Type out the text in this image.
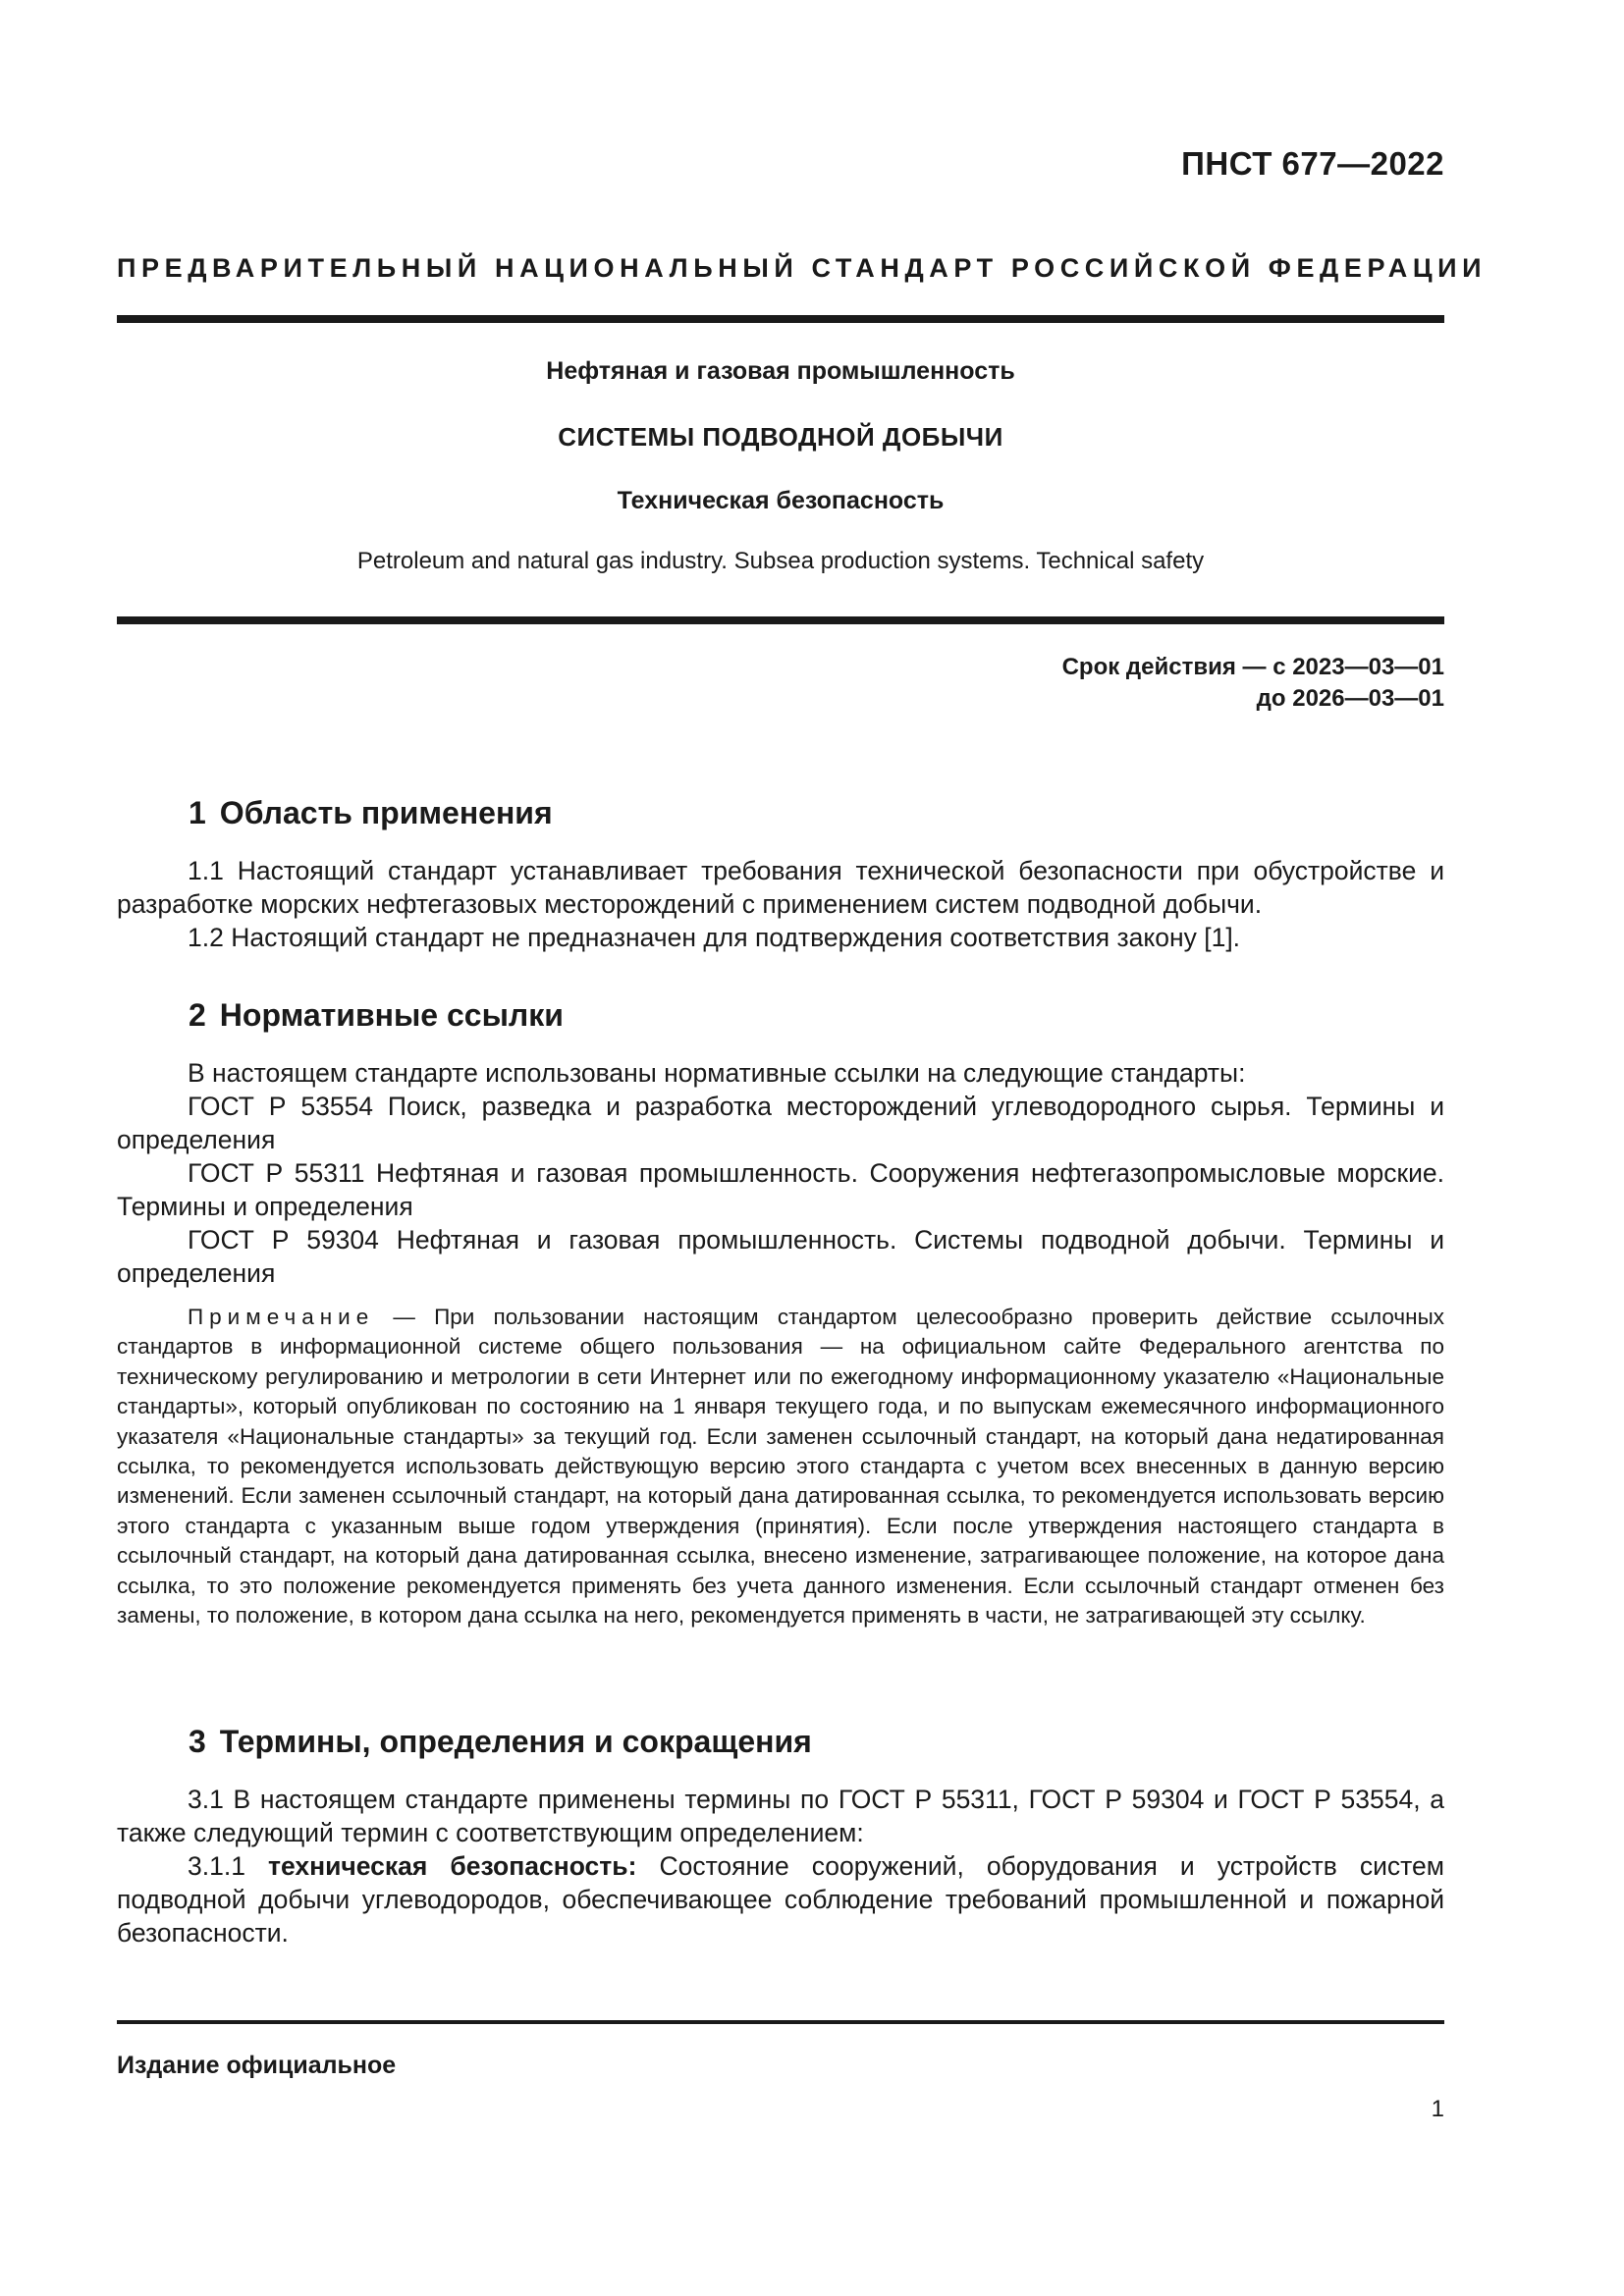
ПНСТ 677—2022
ПРЕДВАРИТЕЛЬНЫЙ НАЦИОНАЛЬНЫЙ СТАНДАРТ РОССИЙСКОЙ ФЕДЕРАЦИИ
Нефтяная и газовая промышленность
СИСТЕМЫ ПОДВОДНОЙ ДОБЫЧИ
Техническая безопасность
Petroleum and natural gas industry. Subsea production systems. Technical safety
Срок действия — с 2023—03—01
до 2026—03—01
1 Область применения

1.1 Настоящий стандарт устанавливает требования технической безопасности при обустройстве и разработке морских нефтегазовых месторождений с применением систем подводной добычи.

1.2 Настоящий стандарт не предназначен для подтверждения соответствия закону [1].

2 Нормативные ссылки

В настоящем стандарте использованы нормативные ссылки на следующие стандарты:

ГОСТ Р 53554 Поиск, разведка и разработка месторождений углеводородного сырья. Термины и определения

ГОСТ Р 55311 Нефтяная и газовая промышленность. Сооружения нефтегазопромысловые морские. Термины и определения

ГОСТ Р 59304 Нефтяная и газовая промышленность. Системы подводной добычи. Термины и определения

Примечание — При пользовании настоящим стандартом целесообразно проверить действие ссылочных стандартов в информационной системе общего пользования — на официальном сайте Федерального агентства по техническому регулированию и метрологии в сети Интернет или по ежегодному информационному указателю «Национальные стандарты», который опубликован по состоянию на 1 января текущего года, и по выпускам ежемесячного информационного указателя «Национальные стандарты» за текущий год. Если заменен ссылочный стандарт, на который дана недатированная ссылка, то рекомендуется использовать действующую версию этого стандарта с учетом всех внесенных в данную версию изменений. Если заменен ссылочный стандарт, на который дана датированная ссылка, то рекомендуется использовать версию этого стандарта с указанным выше годом утверждения (принятия). Если после утверждения настоящего стандарта в ссылочный стандарт, на который дана датированная ссылка, внесено изменение, затрагивающее положение, на которое дана ссылка, то это положение рекомендуется применять без учета данного изменения. Если ссылочный стандарт отменен без замены, то положение, в котором дана ссылка на него, рекомендуется применять в части, не затрагивающей эту ссылку.

3 Термины, определения и сокращения

3.1 В настоящем стандарте применены термины по ГОСТ Р 55311, ГОСТ Р 59304 и ГОСТ Р 53554, а также следующий термин с соответствующим определением:

3.1.1 техническая безопасность: Состояние сооружений, оборудования и устройств систем подводной добычи углеводородов, обеспечивающее соблюдение требований промышленной и пожарной безопасности.

Издание официальное
1
